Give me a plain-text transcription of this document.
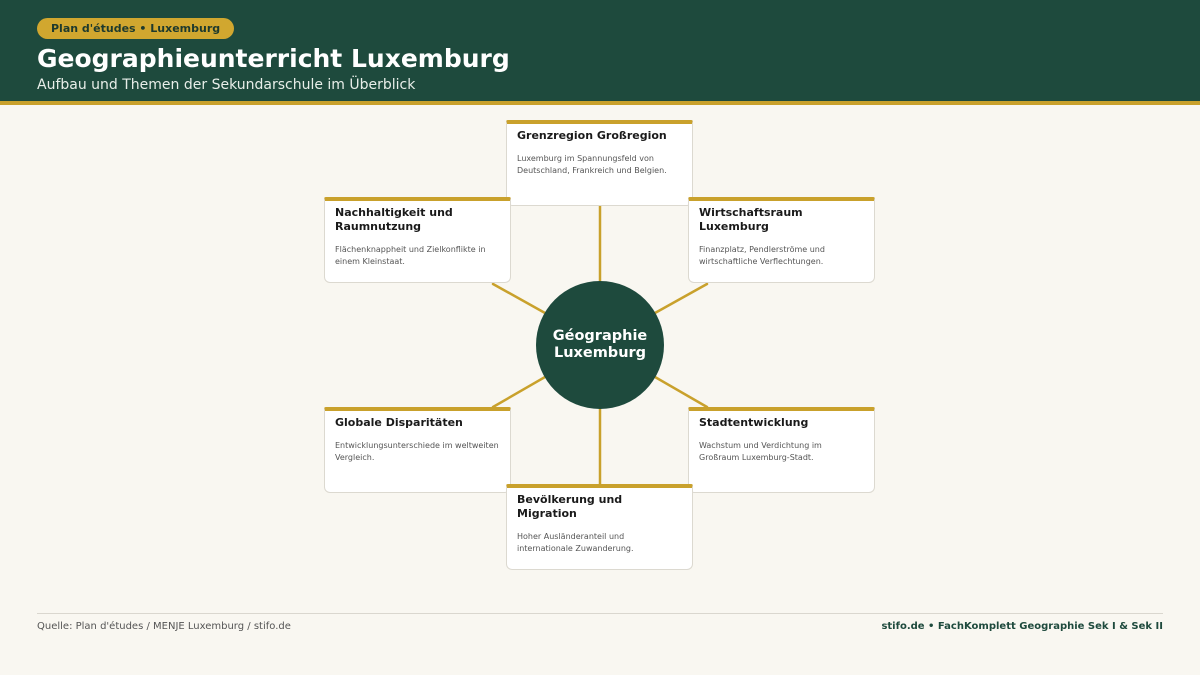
Plan d'études • Luxemburg
Geographieunterricht Luxemburg
Aufbau und Themen der Sekundarschule im Überblick
Géographie Luxemburg
Grenzregion Großregion
Luxemburg im Spannungsfeld von Deutschland, Frankreich und Belgien.
Nachhaltigkeit und Raumnutzung
Flächenknappheit und Zielkonflikte in einem Kleinstaat.
Wirtschaftsraum Luxemburg
Finanzplatz, Pendlerströme und wirtschaftliche Verflechtungen.
Globale Disparitäten
Entwicklungsunterschiede im weltweiten Vergleich.
Stadtentwicklung
Wachstum und Verdichtung im Großraum Luxemburg-Stadt.
Bevölkerung und Migration
Hoher Ausländeranteil und internationale Zuwanderung.
Quelle: Plan d'études / MENJE Luxemburg / stifo.de	stifo.de • FachKomplett Geographie Sek I & Sek II
